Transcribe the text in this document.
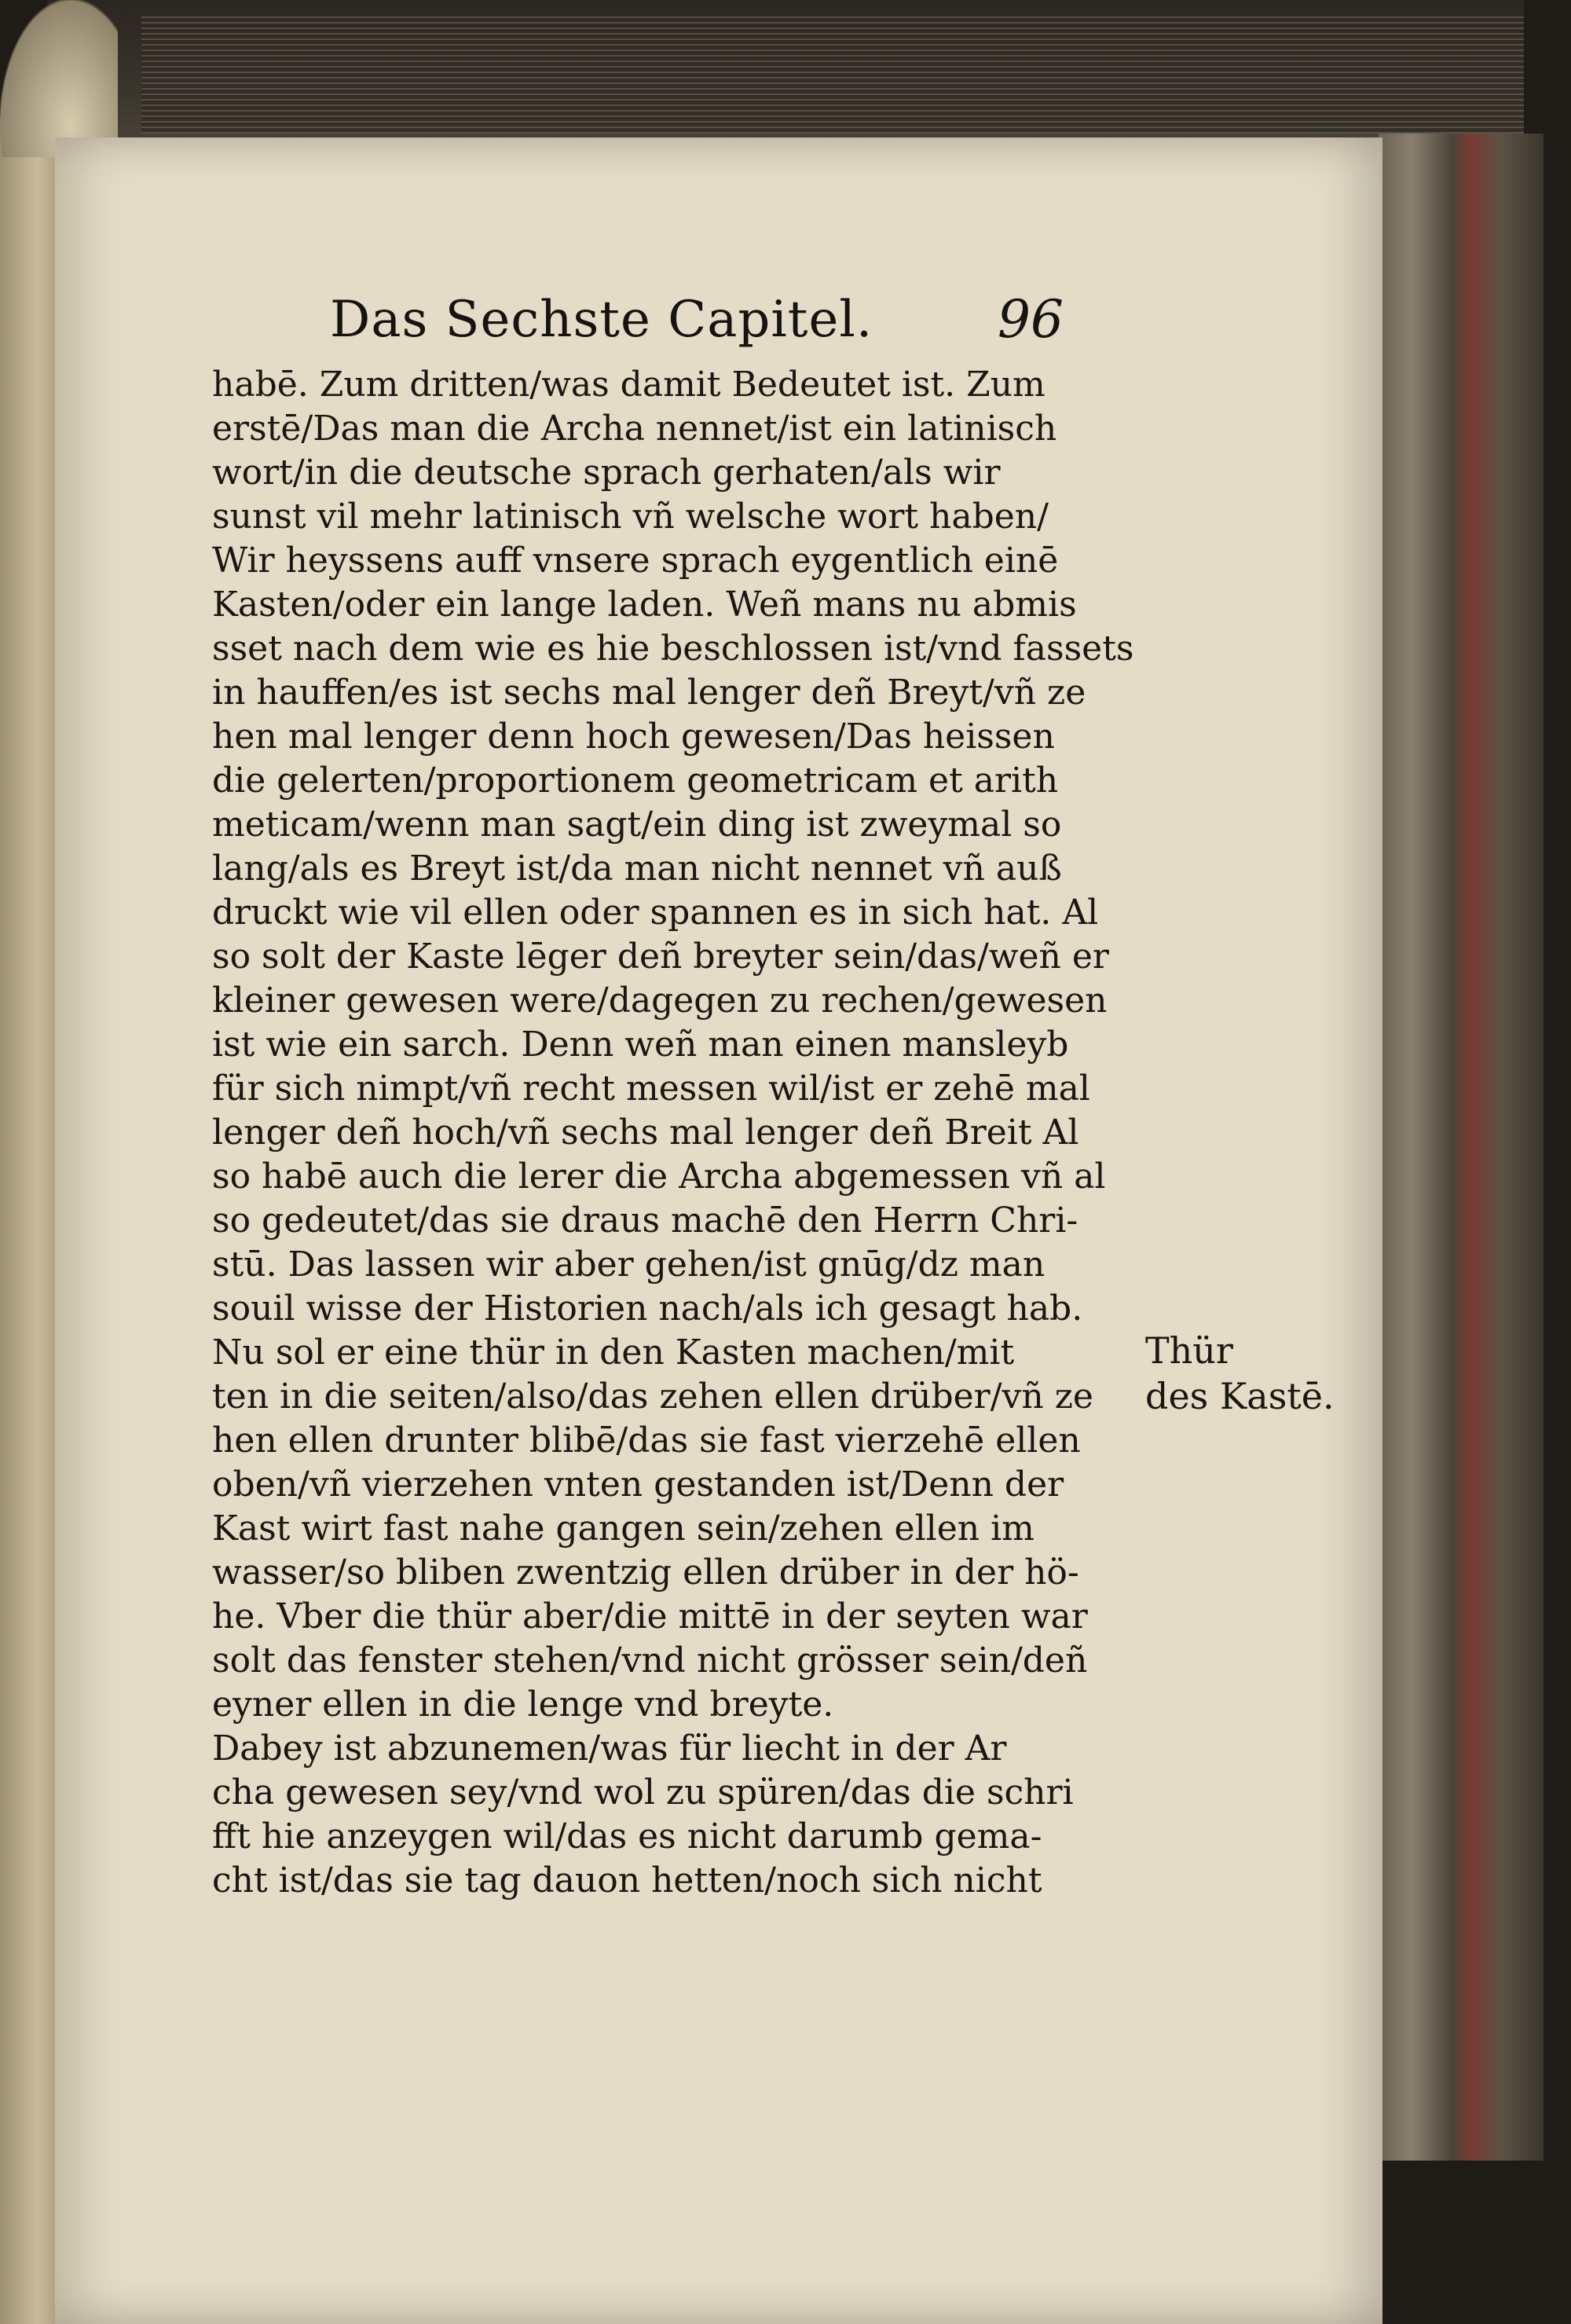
Das Sechste Capitel. 96
habē. Zum dritten/was damit Bedeutet ist. Zum
erstē/Das man die Archa nennet/ist ein latinisch
wort/in die deutsche sprach gerhaten/als wir
sunst vil mehr latinisch vñ welsche wort haben/
Wir heyssens auff vnsere sprach eygentlich einē
Kasten/oder ein lange laden. Weñ mans nu abmis
sset nach dem wie es hie beschlossen ist/vnd fassets
in hauffen/es ist sechs mal lenger deñ Breyt/vñ ze
hen mal lenger denn hoch gewesen/Das heissen
die gelerten/proportionem geometricam et arith
meticam/wenn man sagt/ein ding ist zweymal so
lang/als es Breyt ist/da man nicht nennet vñ auß
druckt wie vil ellen oder spannen es in sich hat. Al
so solt der Kaste lēger deñ breyter sein/das/weñ er
kleiner gewesen were/dagegen zu rechen/gewesen
ist wie ein sarch. Denn weñ man einen mansleyb
für sich nimpt/vñ recht messen wil/ist er zehē mal
lenger deñ hoch/vñ sechs mal lenger deñ Breit Al
so habē auch die lerer die Archa abgemessen vñ al
so gedeutet/das sie draus machē den Herrn Chri-
stū. Das lassen wir aber gehen/ist gnūg/dz man
souil wisse der Historien nach/als ich gesagt hab.
Nu sol er eine thür in den Kasten machen/mit
ten in die seiten/also/das zehen ellen drüber/vñ ze
hen ellen drunter blibē/das sie fast vierzehē ellen
oben/vñ vierzehen vnten gestanden ist/Denn der
Kast wirt fast nahe gangen sein/zehen ellen im
wasser/so bliben zwentzig ellen drüber in der hö-
he. Vber die thür aber/die mittē in der seyten war
solt das fenster stehen/vnd nicht grösser sein/deñ
eyner ellen in die lenge vnd breyte.
Dabey ist abzunemen/was für liecht in der Ar
cha gewesen sey/vnd wol zu spüren/das die schri
fft hie anzeygen wil/das es nicht darumb gema-
cht ist/das sie tag dauon hetten/noch sich nicht
Thür
des Kastē.
